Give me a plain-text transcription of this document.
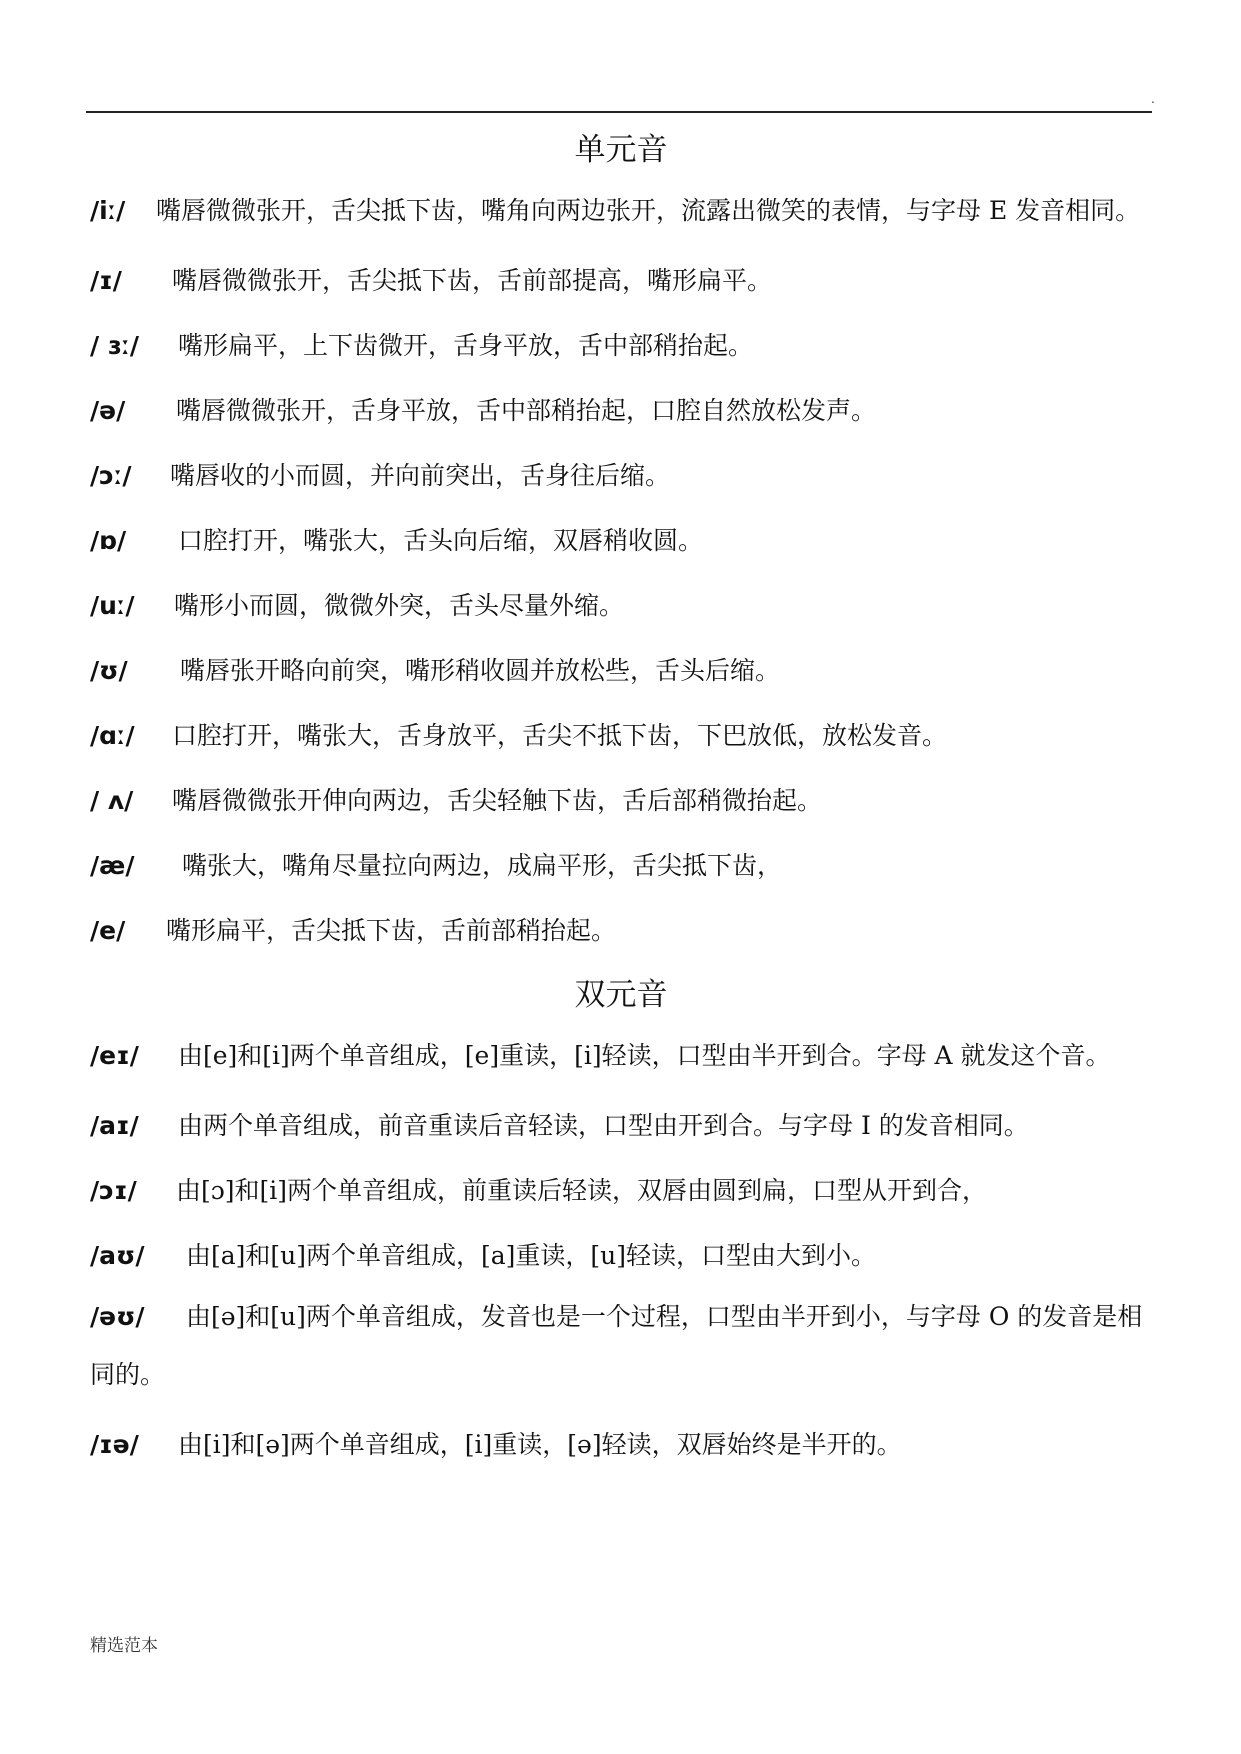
.
单元音
/iː/ 嘴唇微微张开，舌尖抵下齿，嘴角向两边张开，流露出微笑的表情，与字母 E 发音相同。
/ɪ/ 嘴唇微微张开，舌尖抵下齿，舌前部提高，嘴形扁平。
/ ɜː/ 嘴形扁平，上下齿微开，舌身平放，舌中部稍抬起。
/ə/ 嘴唇微微张开，舌身平放，舌中部稍抬起，口腔自然放松发声。
/ɔː/ 嘴唇收的小而圆，并向前突出，舌身往后缩。
/ɒ/ 口腔打开，嘴张大，舌头向后缩，双唇稍收圆。
/uː/ 嘴形小而圆，微微外突，舌头尽量外缩。
/ʊ/ 嘴唇张开略向前突，嘴形稍收圆并放松些，舌头后缩。
/ɑː/ 口腔打开，嘴张大，舌身放平，舌尖不抵下齿，下巴放低，放松发音。
/ ʌ/ 嘴唇微微张开伸向两边，舌尖轻触下齿，舌后部稍微抬起。
/æ/ 嘴张大，嘴角尽量拉向两边，成扁平形，舌尖抵下齿，
/e/ 嘴形扁平，舌尖抵下齿，舌前部稍抬起。
双元音
/eɪ/ 由[e]和[i]两个单音组成，[e]重读，[i]轻读，口型由半开到合。字母 A 就发这个音。
/aɪ/ 由两个单音组成，前音重读后音轻读，口型由开到合。与字母 I 的发音相同。
/ɔɪ/ 由[ɔ]和[i]两个单音组成，前重读后轻读，双唇由圆到扁，口型从开到合，
/aʊ/ 由[a]和[u]两个单音组成，[a]重读，[u]轻读，口型由大到小。
/əʊ/ 由[ə]和[u]两个单音组成，发音也是一个过程，口型由半开到小，与字母 O 的发音是相同的。
/ɪə/ 由[i]和[ə]两个单音组成，[i]重读，[ə]轻读，双唇始终是半开的。
精选范本
